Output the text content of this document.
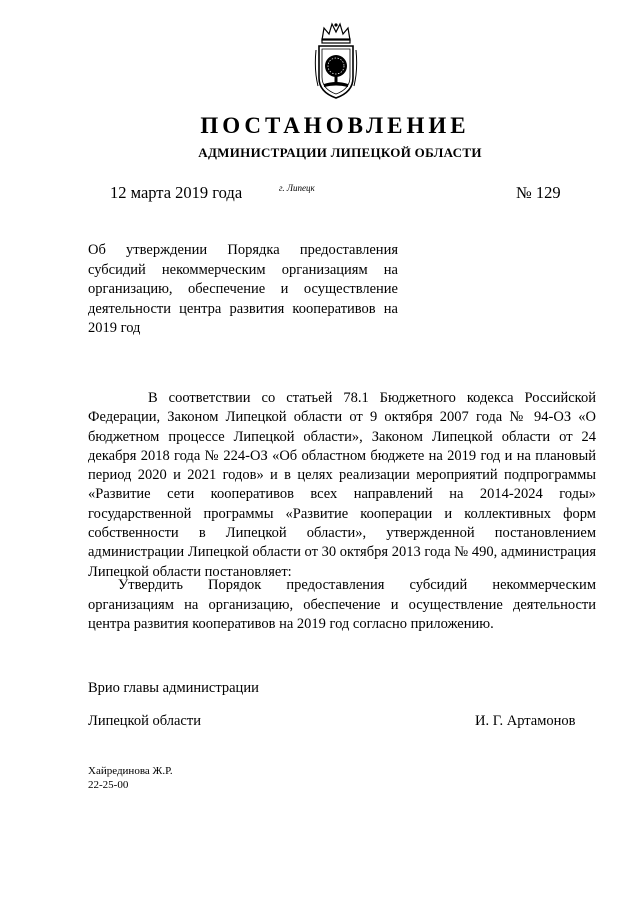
ПОСТАНОВЛЕНИЕ
АДМИНИСТРАЦИИ ЛИПЕЦКОЙ ОБЛАСТИ
12 марта 2019 года	г. Липецк	№ 129
Об утверждении Порядка предоставления субсидий некоммерческим организациям на организацию, обеспечение и осуществление деятельности центра развития кооперативов на 2019 год

В соответствии со статьей 78.1 Бюджетного кодекса Российской Федерации, Законом Липецкой области от 9 октября 2007 года № 94-ОЗ «О бюджетном процессе Липецкой области», Законом Липецкой области от 24 декабря 2018 года № 224-ОЗ «Об областном бюджете на 2019 год и на плановый период 2020 и 2021 годов» и в целях реализации мероприятий подпрограммы «Развитие сети кооперативов всех направлений на 2014-2024 годы» государственной программы «Развитие кооперации и коллективных форм собственности в Липецкой области», утвержденной постановлением администрации Липецкой области от 30 октября 2013 года № 490, администрация Липецкой области постановляет:

Утвердить Порядок предоставления субсидий некоммерческим организациям на организацию, обеспечение и осуществление деятельности центра развития кооперативов на 2019 год согласно приложению.
Врио главы администрации
Липецкой области	И. Г. Артамонов
Хайрединова Ж.Р.
22-25-00
